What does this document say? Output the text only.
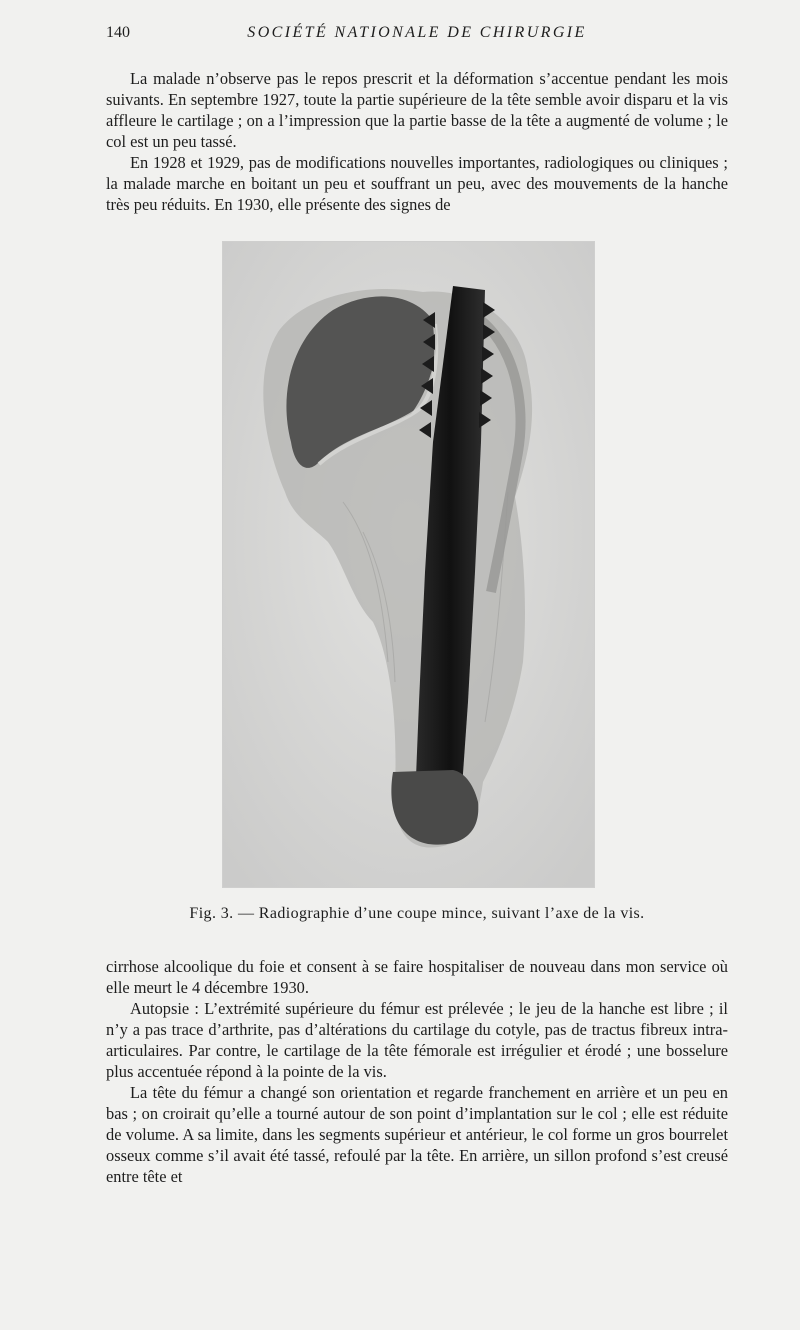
140	SOCIÉTÉ NATIONALE DE CHIRURGIE

La malade n’observe pas le repos prescrit et la déformation s’accentue pendant les mois suivants. En septembre 1927, toute la partie supérieure de la tête semble avoir disparu et la vis affleure le cartilage ; on a l’impression que la partie basse de la tête a augmenté de volume ; le col est un peu tassé.

En 1928 et 1929, pas de modifications nouvelles importantes, radiologiques ou cliniques ; la malade marche en boitant un peu et souffrant un peu, avec des mouvements de la hanche très peu réduits. En 1930, elle présente des signes de

Fig. 3. — Radiographie d’une coupe mince, suivant l’axe de la vis.

cirrhose alcoolique du foie et consent à se faire hospitaliser de nouveau dans mon service où elle meurt le 4 décembre 1930.

Autopsie : L’extrémité supérieure du fémur est prélevée ; le jeu de la hanche est libre ; il n’y a pas trace d’arthrite, pas d’altérations du cartilage du cotyle, pas de tractus fibreux intra-articulaires. Par contre, le cartilage de la tête fémorale est irrégulier et érodé ; une bosselure plus accentuée répond à la pointe de la vis.

La tête du fémur a changé son orientation et regarde franchement en arrière et un peu en bas ; on croirait qu’elle a tourné autour de son point d’implantation sur le col ; elle est réduite de volume. A sa limite, dans les segments supérieur et antérieur, le col forme un gros bourrelet osseux comme s’il avait été tassé, refoulé par la tête. En arrière, un sillon profond s’est creusé entre tête et
